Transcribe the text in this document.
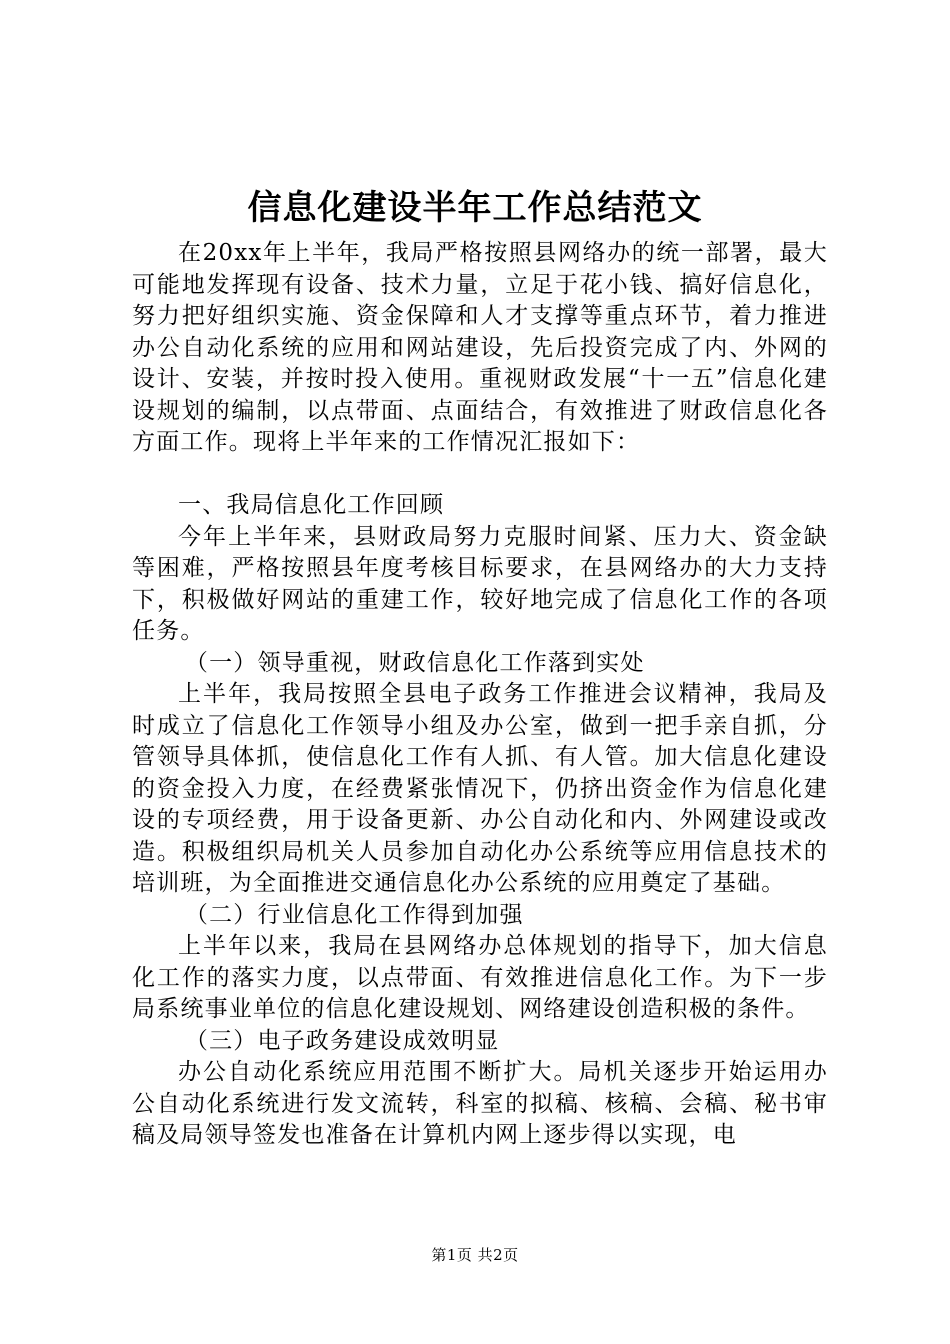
信息化建设半年工作总结范文

在20xx年上半年，我局严格按照县网络办的统一部署，最大可能地发挥现有设备、技术力量，立足于花小钱、搞好信息化，努力把好组织实施、资金保障和人才支撑等重点环节，着力推进办公自动化系统的应用和网站建设，先后投资完成了内、外网的设计、安装，并按时投入使用。重视财政发展“十一五”信息化建设规划的编制，以点带面、点面结合，有效推进了财政信息化各方面工作。现将上半年来的工作情况汇报如下：

一、我局信息化工作回顾

今年上半年来，县财政局努力克服时间紧、压力大、资金缺等困难，严格按照县年度考核目标要求，在县网络办的大力支持下，积极做好网站的重建工作，较好地完成了信息化工作的各项任务。

（一）领导重视，财政信息化工作落到实处

上半年，我局按照全县电子政务工作推进会议精神，我局及时成立了信息化工作领导小组及办公室，做到一把手亲自抓，分管领导具体抓，使信息化工作有人抓、有人管。加大信息化建设的资金投入力度，在经费紧张情况下，仍挤出资金作为信息化建设的专项经费，用于设备更新、办公自动化和内、外网建设或改造。积极组织局机关人员参加自动化办公系统等应用信息技术的培训班，为全面推进交通信息化办公系统的应用奠定了基础。

（二）行业信息化工作得到加强

上半年以来，我局在县网络办总体规划的指导下，加大信息化工作的落实力度，以点带面、有效推进信息化工作。为下一步局系统事业单位的信息化建设规划、网络建设创造积极的条件。

（三）电子政务建设成效明显

办公自动化系统应用范围不断扩大。局机关逐步开始运用办公自动化系统进行发文流转，科室的拟稿、核稿、会稿、秘书审稿及局领导签发也准备在计算机内网上逐步得以实现，电

第1页 共2页
